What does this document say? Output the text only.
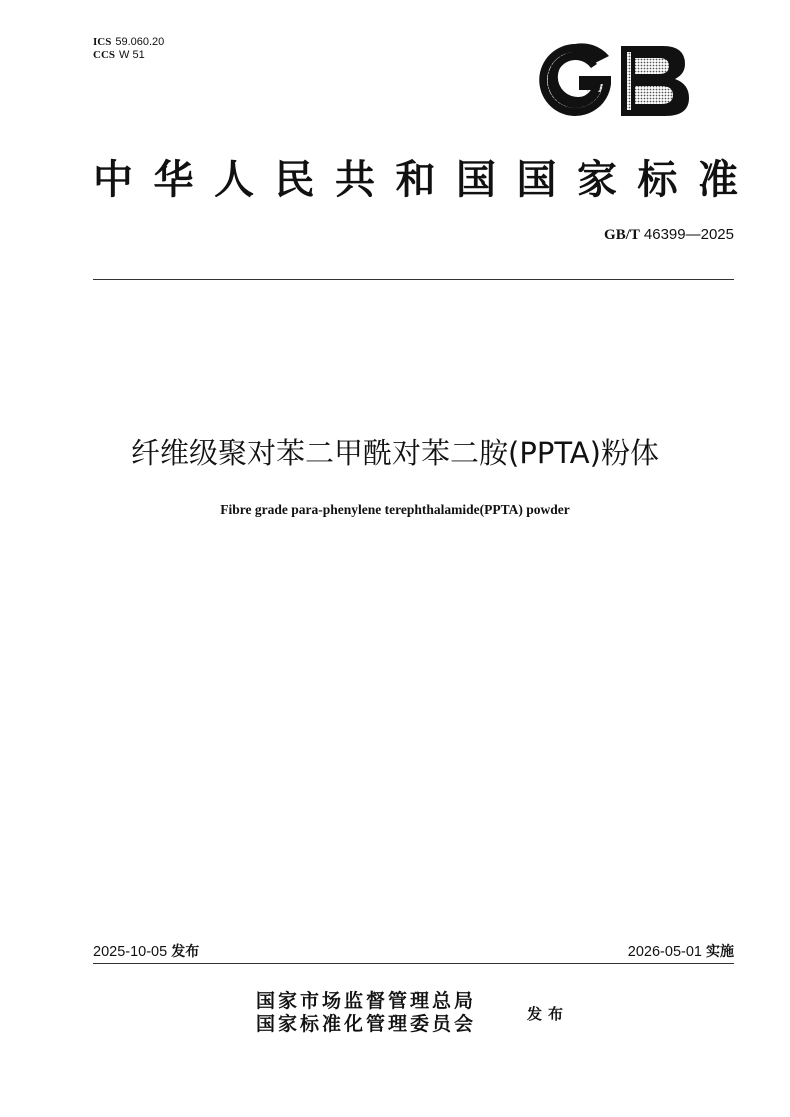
ICS 59.060.20
CCS W 51
中 华 人 民 共 和 国 国 家 标 准
GB/T 46399—2025
纤维级聚对苯二甲酰对苯二胺(PPTA)粉体
Fibre grade para-phenylene terephthalamide(PPTA) powder
2025-10-05 发布	2026-05-01 实施
国家市场监督管理总局
国家标准化管理委员会	发布
